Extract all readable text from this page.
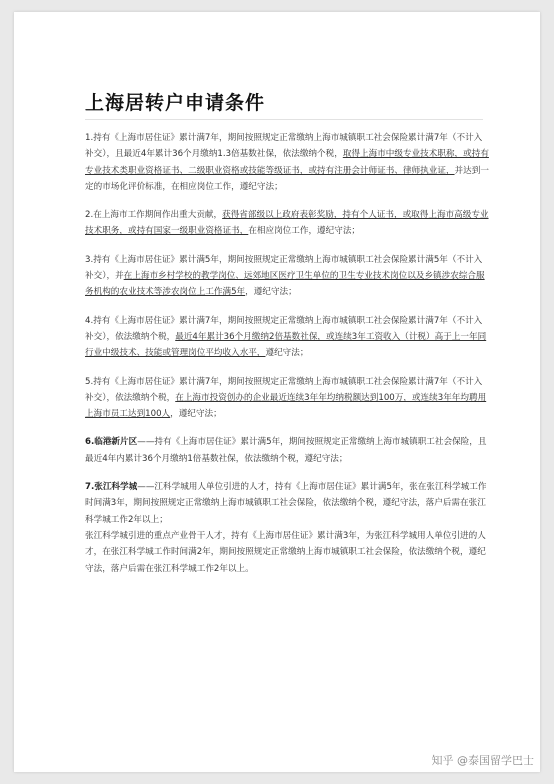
上海居转户申请条件
1.持有《上海市居住证》累计满7年，期间按照规定正常缴纳上海市城镇职工社会保险累计满7年（不计入补交），且最近4年累计36个月缴纳1.3倍基数社保，依法缴纳个税，取得上海市中级专业技术职称，或持有专业技术类职业资格证书、二级职业资格或技能等级证书，或持有注册会计师证书、律师执业证，并达到一定的市场化评价标准，在相应岗位工作，遵纪守法；
2.在上海市工作期间作出重大贡献，获得省部级以上政府表彰奖励，持有个人证书，或取得上海市高级专业技术职务，或持有国家一级职业资格证书，在相应岗位工作，遵纪守法；
3.持有《上海市居住证》累计满5年，期间按照规定正常缴纳上海市城镇职工社会保险累计满5年（不计入补交），并在上海市乡村学校的教学岗位、远郊地区医疗卫生单位的卫生专业技术岗位以及乡镇涉农综合服务机构的农业技术等涉农岗位上工作满5年，遵纪守法；
4.持有《上海市居住证》累计满7年，期间按照规定正常缴纳上海市城镇职工社会保险累计满7年（不计入补交），依法缴纳个税，最近4年累计36个月缴纳2倍基数社保，或连续3年工资收入（计税）高于上一年同行业中级技术、技能或管理岗位平均收入水平，遵纪守法；
5.持有《上海市居住证》累计满7年，期间按照规定正常缴纳上海市城镇职工社会保险累计满7年（不计入补交），依法缴纳个税，在上海市投资创办的企业最近连续3年年均纳税额达到100万，或连续3年年均聘用上海市员工达到100人，遵纪守法；
6.临港新片区——持有《上海市居住证》累计满5年，期间按照规定正常缴纳上海市城镇职工社会保险，且最近4年内累计36个月缴纳1倍基数社保，依法缴纳个税，遵纪守法；

7.张江科学城——江科学城用人单位引进的人才，持有《上海市居住证》累计满5年，张在张江科学城工作时间满3年，期间按照规定正常缴纳上海市城镇职工社会保险，依法缴纳个税，遵纪守法，落户后需在张江科学城工作2年以上；

张江科学城引进的重点产业骨干人才，持有《上海市居住证》累计满3年，为张江科学城用人单位引进的人才，在张江科学城工作时间满2年，期间按照规定正常缴纳上海市城镇职工社会保险，依法缴纳个税，遵纪守法，落户后需在张江科学城工作2年以上。

知乎 @泰国留学巴士
